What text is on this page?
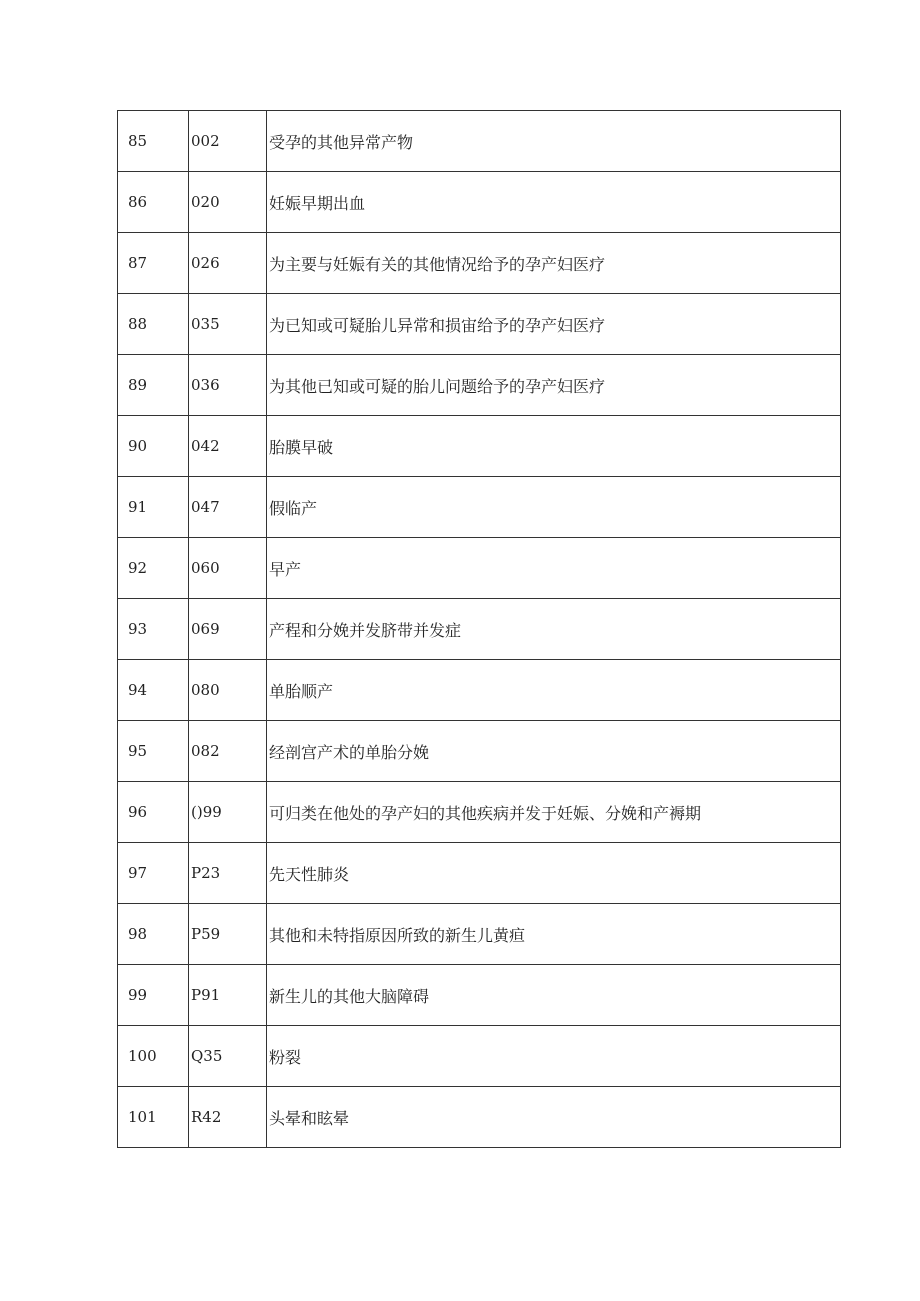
85	002	受孕的其他异常产物
86	020	妊娠早期出血
87	026	为主要与妊娠有关的其他情况给予的孕产妇医疗
88	035	为已知或可疑胎儿异常和损宙给予的孕产妇医疗
89	036	为其他已知或可疑的胎儿问题给予的孕产妇医疗
90	042	胎膜早破
91	047	假临产
92	060	早产
93	069	产程和分娩并发脐带并发症
94	080	单胎顺产
95	082	经剖宫产术的单胎分娩
96	()99	可归类在他处的孕产妇的其他疾病并发于妊娠、分娩和产褥期
97	P23	先天性肺炎
98	P59	其他和未特指原因所致的新生儿黄疸
99	P91	新生儿的其他大脑障碍
100	Q35	粉裂
101	R42	头晕和眩晕
